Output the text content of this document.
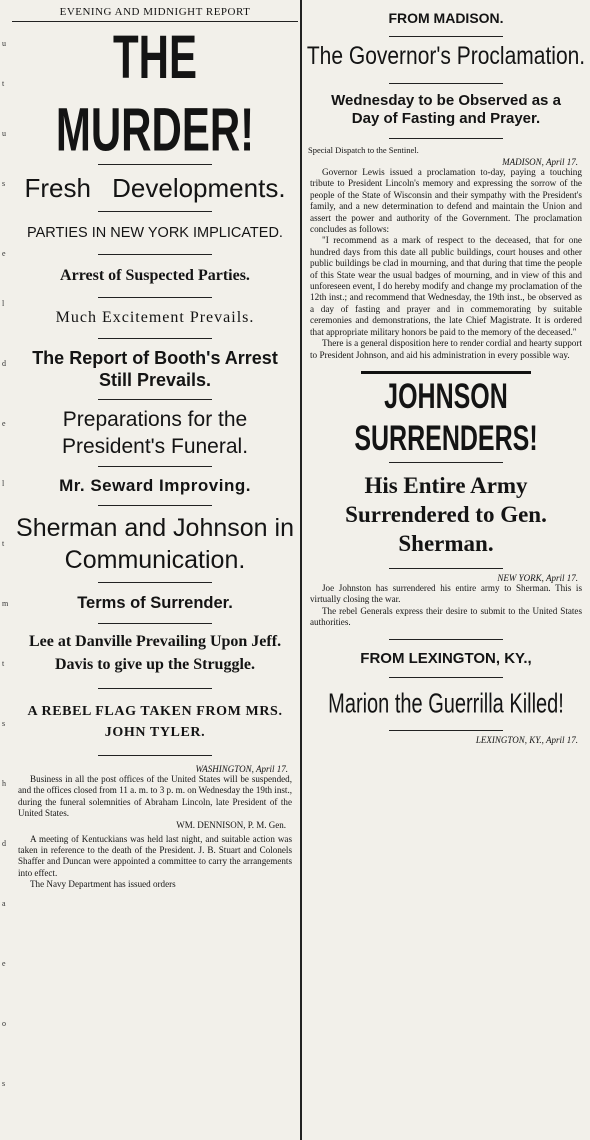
u
t
u
s
e
l
d
e
l
t
m
t
s
h
d
a
e
o
s
EVENING AND MIDNIGHT REPORT
THE MURDER!
Fresh Developments.
PARTIES IN NEW YORK IMPLICATED.
Arrest of Suspected Parties.
Much Excitement Prevails.
The Report of Booth's Arrest Still Prevails.
Preparations for the President's Funeral.
Mr. Seward Improving.
Sherman and Johnson in Communication.
Terms of Surrender.
Lee at Danville Prevailing Upon Jeff. Davis to give up the Struggle.
A REBEL FLAG TAKEN FROM MRS. JOHN TYLER.
WASHINGTON, April 17.

Business in all the post offices of the United States will be suspended, and the offices closed from 11 a. m. to 3 p. m. on Wednesday the 19th inst., during the funeral solemnities of Abraham Lincoln, late President of the United States.

WM. DENNISON, P. M. Gen.

A meeting of Kentuckians was held last night, and suitable action was taken in reference to the death of the President. J. B. Stuart and Colonels Shaffer and Duncan were appointed a committee to carry the arrangements into effect.

The Navy Department has issued orders

FROM MADISON.
The Governor's Proclamation.
Wednesday to be Observed as a Day of Fasting and Prayer.
Special Dispatch to the Sentinel.
MADISON, April 17.

Governor Lewis issued a proclamation to-day, paying a touching tribute to President Lincoln's memory and expressing the sorrow of the people of the State of Wisconsin and their sympathy with the President's family, and a new determination to defend and maintain the Union and assert the power and authority of the Government. The proclamation concludes as follows:

"I recommend as a mark of respect to the deceased, that for one hundred days from this date all public buildings, court houses and other public buildings be clad in mourning, and that during that time the people of this State wear the usual badges of mourning, and in view of this and unforeseen event, I do hereby modify and change my proclamation of the 12th inst.; and recommend that Wednesday, the 19th inst., be observed as a day of fasting and prayer and in commemorating by suitable ceremonies and demonstrations, the late Chief Magistrate. It is ordered that appropriate military honors be paid to the memory of the deceased."

There is a general disposition here to render cordial and hearty support to President Johnson, and aid his administration in every possible way.

JOHNSON SURRENDERS!
His Entire Army Surrendered to Gen. Sherman.
NEW YORK, April 17.

Joe Johnston has surrendered his entire army to Sherman. This is virtually closing the war.

The rebel Generals express their desire to submit to the United States authorities.

FROM LEXINGTON, KY.,
Marion the Guerrilla Killed!
LEXINGTON, KY., April 17.
